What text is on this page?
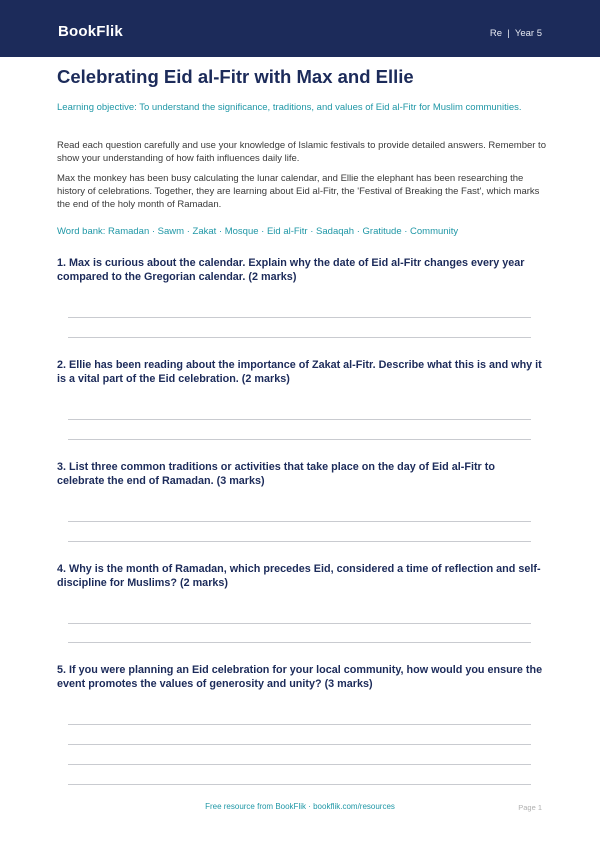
BookFlik	Re  |  Year 5
Celebrating Eid al-Fitr with Max and Ellie

Learning objective: To understand the significance, traditions, and values of Eid al-Fitr for Muslim communities.

Read each question carefully and use your knowledge of Islamic festivals to provide detailed answers. Remember to show your understanding of how faith influences daily life.

Max the monkey has been busy calculating the lunar calendar, and Ellie the elephant has been researching the history of celebrations. Together, they are learning about Eid al-Fitr, the 'Festival of Breaking the Fast', which marks the end of the holy month of Ramadan.

Word bank: Ramadan · Sawm · Zakat · Mosque · Eid al-Fitr · Sadaqah · Gratitude · Community

1. Max is curious about the calendar. Explain why the date of Eid al-Fitr changes every year compared to the Gregorian calendar. (2 marks)

2. Ellie has been reading about the importance of Zakat al-Fitr. Describe what this is and why it is a vital part of the Eid celebration. (2 marks)

3. List three common traditions or activities that take place on the day of Eid al-Fitr to celebrate the end of Ramadan. (3 marks)

4. Why is the month of Ramadan, which precedes Eid, considered a time of reflection and self-discipline for Muslims? (2 marks)

5. If you were planning an Eid celebration for your local community, how would you ensure the event promotes the values of generosity and unity? (3 marks)

Free resource from BookFlik · bookflik.com/resources	Page 1
